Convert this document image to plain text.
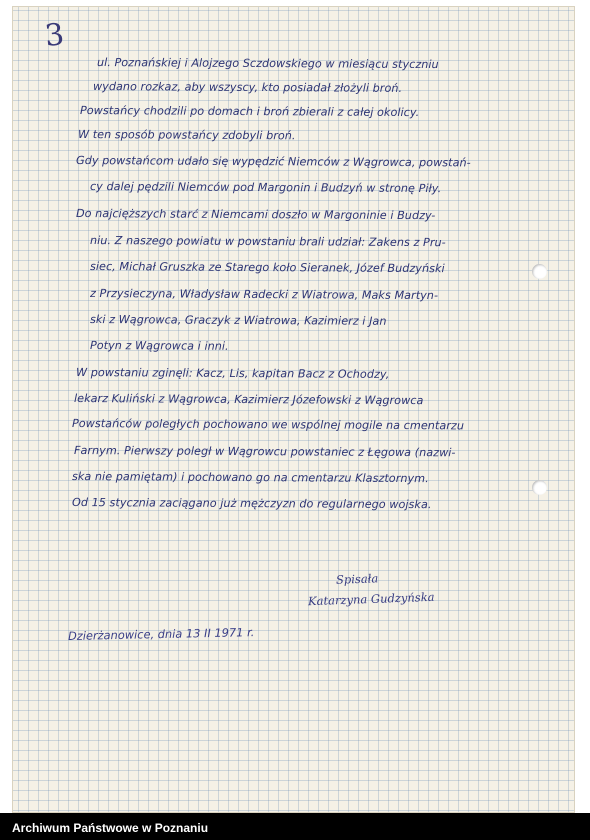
3
ul. Poznańskiej i Alojzego Sczdowskiego w miesiącu styczniu
wydano rozkaz, aby wszyscy, kto posiadał złożyli broń.
Powstańcy chodzili po domach i broń zbierali z całej okolicy.
W ten sposób powstańcy zdobyli broń.
Gdy powstańcom udało się wypędzić Niemców z Wągrowca, powstań-
cy dalej pędzili Niemców pod Margonin i Budzyń w stronę Piły.
Do najcięższych starć z Niemcami doszło w Margoninie i Budzy-
niu. Z naszego powiatu w powstaniu brali udział: Zakens z Pru-
siec, Michał Gruszka ze Starego koło Sieranek, Józef Budzyński
z Przysieczyna, Władysław Radecki z Wiatrowa, Maks Martyn-
ski z Wągrowca, Graczyk z Wiatrowa, Kazimierz i Jan
Potyn z Wągrowca i inni.
W powstaniu zginęli: Kacz, Lis, kapitan Bacz z Ochodzy,
lekarz Kuliński z Wągrowca, Kazimierz Józefowski z Wągrowca
Powstańców poległych pochowano we wspólnej mogile na cmentarzu
Farnym. Pierwszy poległ w Wągrowcu powstaniec z Łęgowa (nazwi-
ska nie pamiętam) i pochowano go na cmentarzu Klasztornym.
Od 15 stycznia zaciągano już mężczyzn do regularnego wojska.
Spisała
Katarzyna Gudzyńska
Dzierżanowice, dnia 13 II 1971 r.
Archiwum Państwowe w Poznaniu
